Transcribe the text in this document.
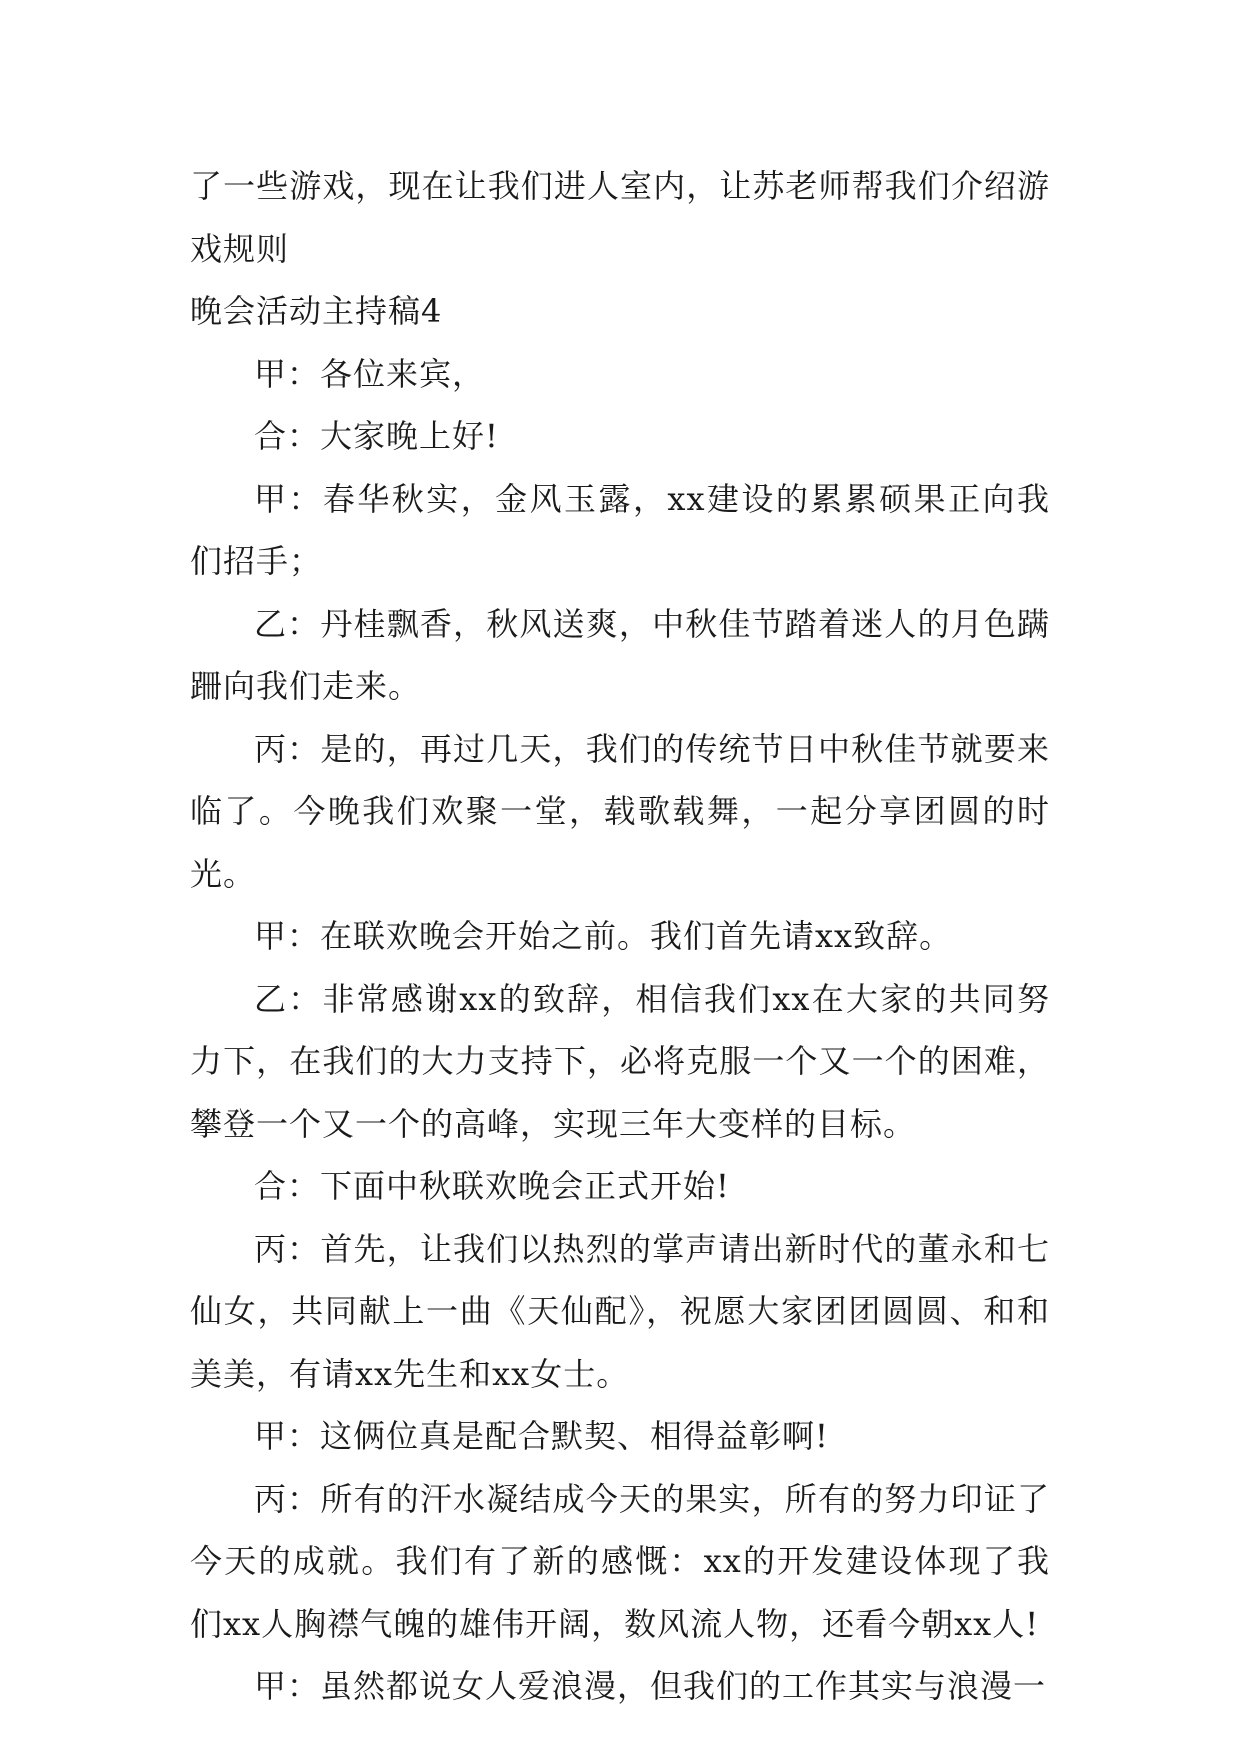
了一些游戏，现在让我们进人室内，让苏老师帮我们介绍游戏规则

晚会活动主持稿4

甲：各位来宾，

合：大家晚上好!

甲：春华秋实，金风玉露，xx建设的累累硕果正向我们招手；

乙：丹桂飘香，秋风送爽，中秋佳节踏着迷人的月色蹒跚向我们走来。

丙：是的，再过几天，我们的传统节日中秋佳节就要来临了。今晚我们欢聚一堂，载歌载舞，一起分享团圆的时光。

甲：在联欢晚会开始之前。我们首先请xx致辞。

乙：非常感谢xx的致辞，相信我们xx在大家的共同努力下，在我们的大力支持下，必将克服一个又一个的困难，攀登一个又一个的高峰，实现三年大变样的目标。

合：下面中秋联欢晚会正式开始!

丙：首先，让我们以热烈的掌声请出新时代的董永和七仙女，共同献上一曲《天仙配》，祝愿大家团团圆圆、和和美美，有请xx先生和xx女士。

甲：这俩位真是配合默契、相得益彰啊!

丙：所有的汗水凝结成今天的果实，所有的努力印证了今天的成就。我们有了新的感慨：xx的开发建设体现了我们xx人胸襟气魄的雄伟开阔，数风流人物，还看今朝xx人!

甲：虽然都说女人爱浪漫，但我们的工作其实与浪漫一
